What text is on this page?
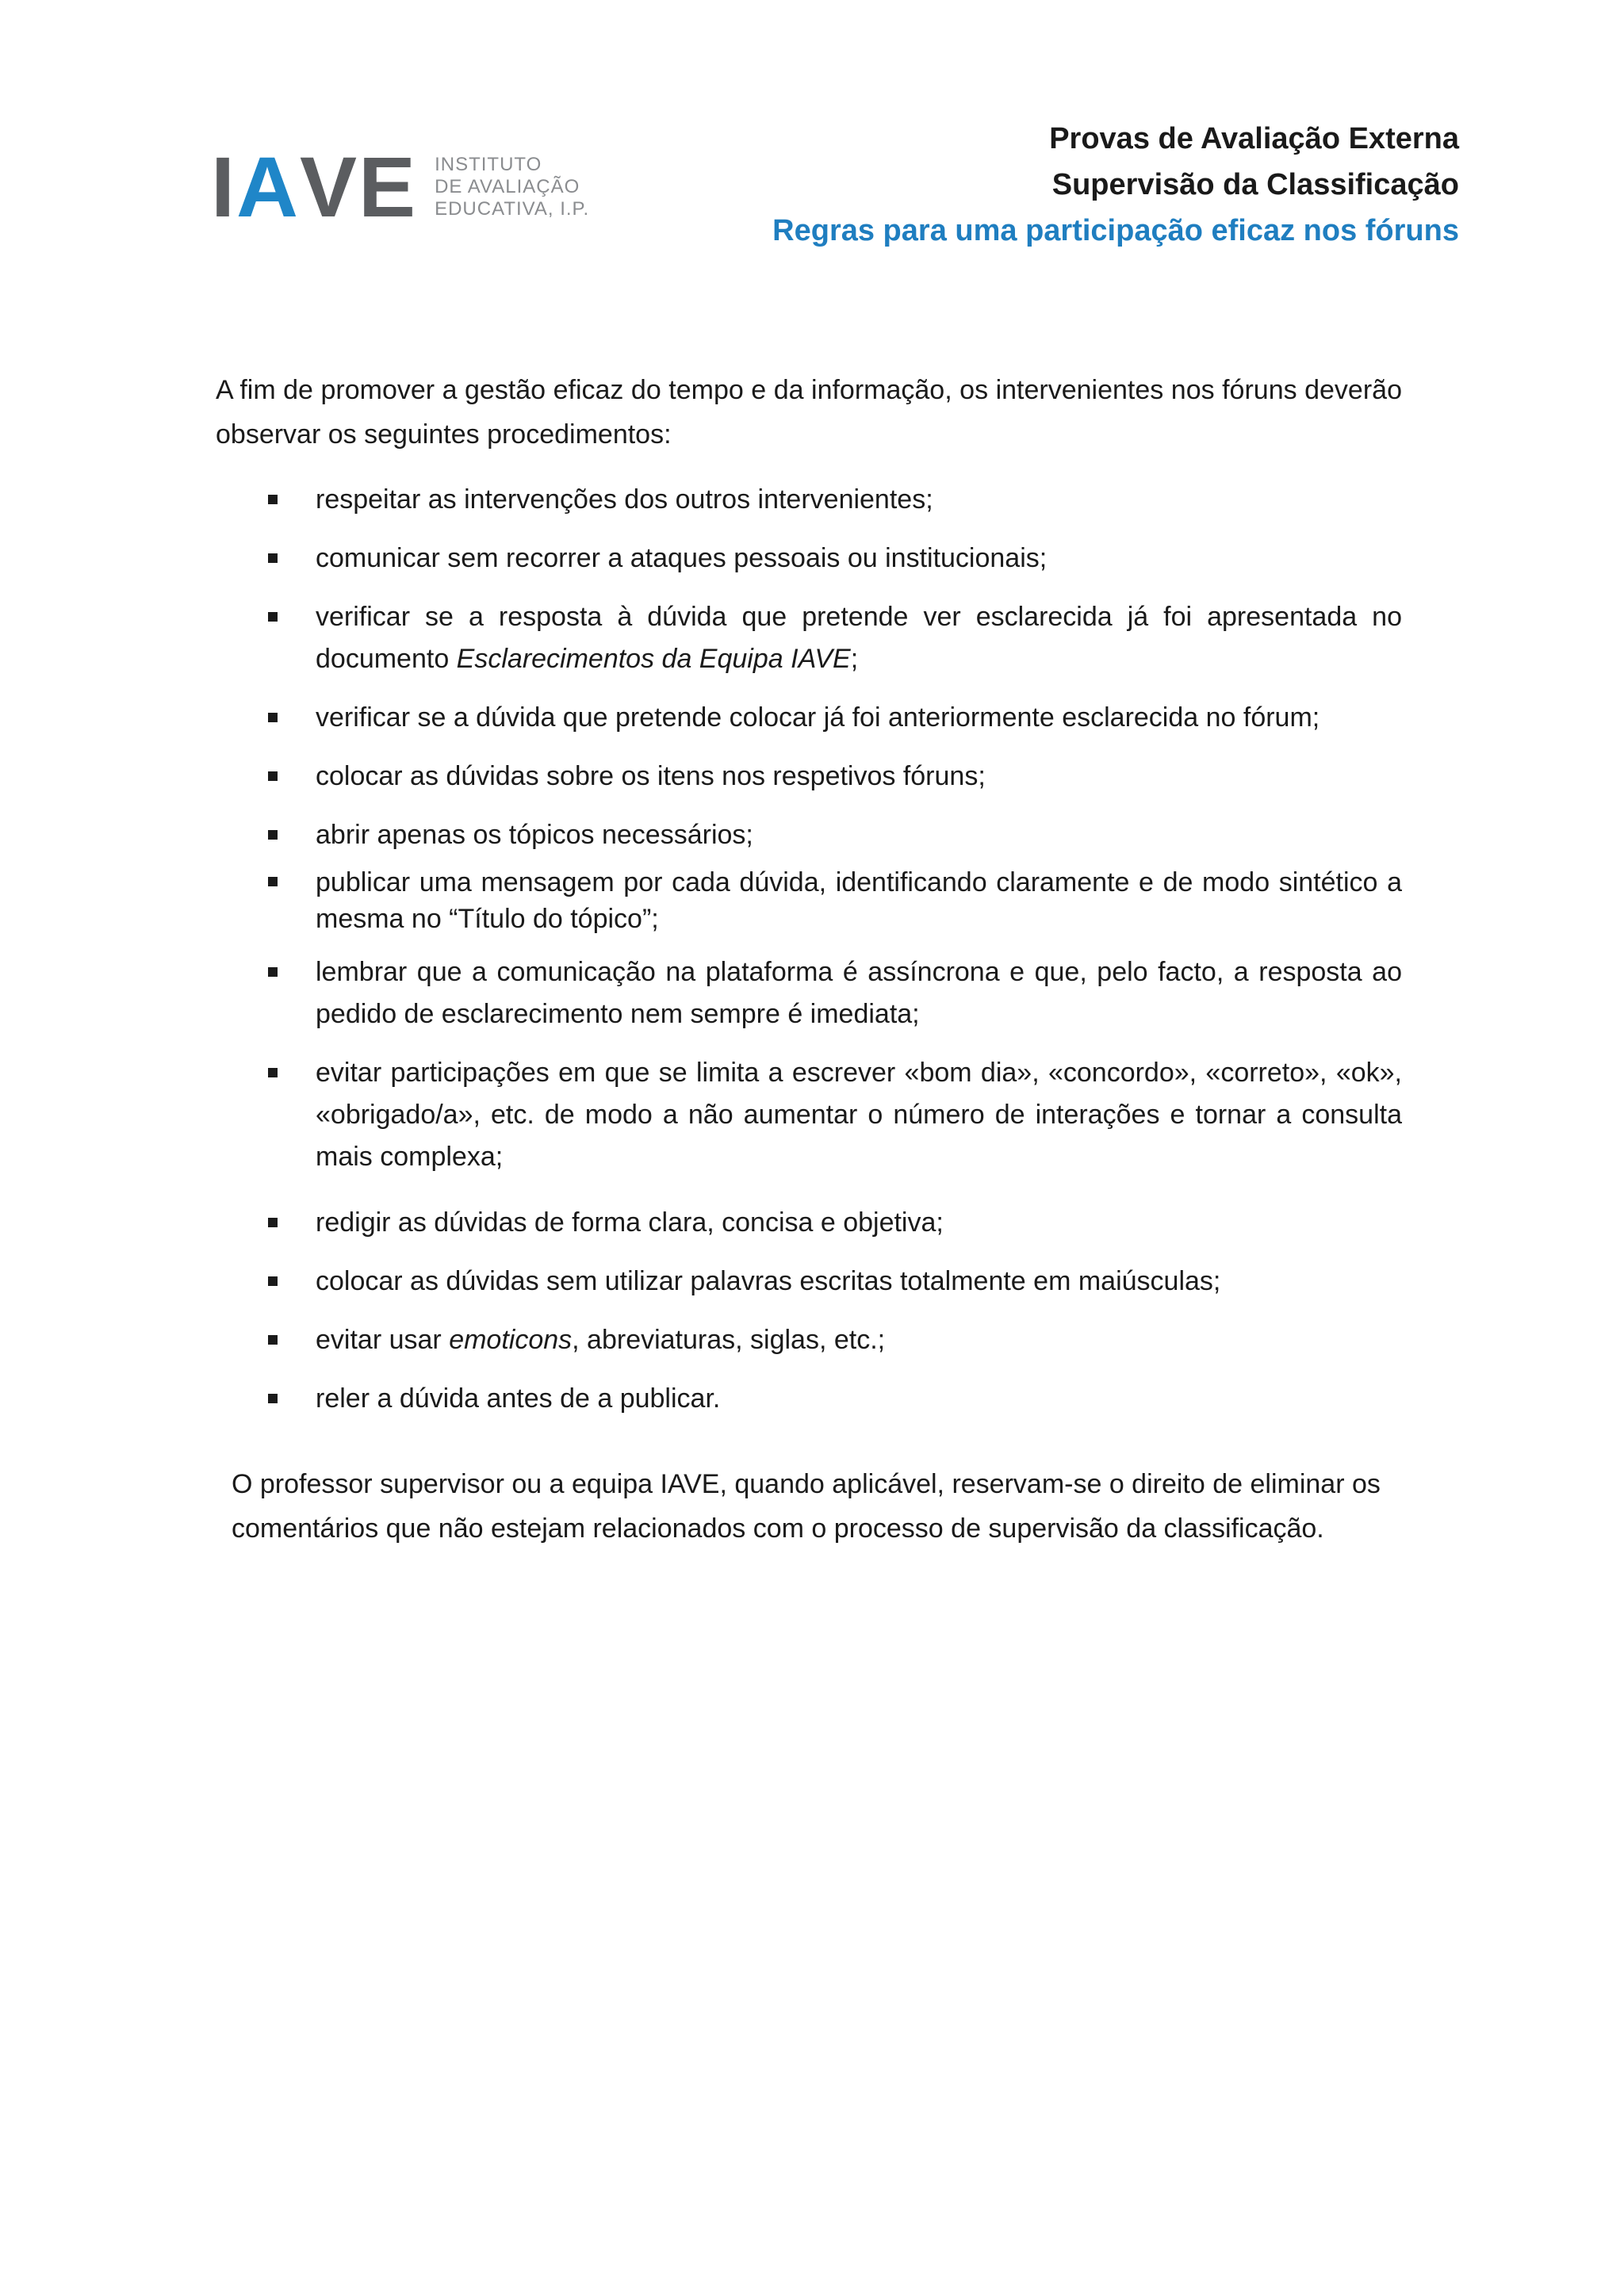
I A VE INSTITUTO
DE AVALIAÇÃO
EDUCATIVA, I.P.
Provas de Avaliação Externa
Supervisão da Classificação
Regras para uma participação eficaz nos fóruns

A fim de promover a gestão eficaz do tempo e da informação, os intervenientes nos fóruns deverão observar os seguintes procedimentos:

respeitar as intervenções dos outros intervenientes;
comunicar sem recorrer a ataques pessoais ou institucionais;
verificar se a resposta à dúvida que pretende ver esclarecida já foi apresentada no documento Esclarecimentos da Equipa IAVE;
verificar se a dúvida que pretende colocar já foi anteriormente esclarecida no fórum;
colocar as dúvidas sobre os itens nos respetivos fóruns;
abrir apenas os tópicos necessários;
publicar uma mensagem por cada dúvida, identificando claramente e de modo sintético a mesma no “Título do tópico”;
lembrar que a comunicação na plataforma é assíncrona e que, pelo facto, a resposta ao pedido de esclarecimento nem sempre é imediata;
evitar participações em que se limita a escrever «bom dia», «concordo», «correto», «ok», «obrigado/a», etc. de modo a não aumentar o número de interações e tornar a consulta mais complexa;
redigir as dúvidas de forma clara, concisa e objetiva;
colocar as dúvidas sem utilizar palavras escritas totalmente em maiúsculas;
evitar usar emoticons, abreviaturas, siglas, etc.;
reler a dúvida antes de a publicar.

O professor supervisor ou a equipa IAVE, quando aplicável, reservam-se o direito de eliminar os comentários que não estejam relacionados com o processo de supervisão da classificação.
